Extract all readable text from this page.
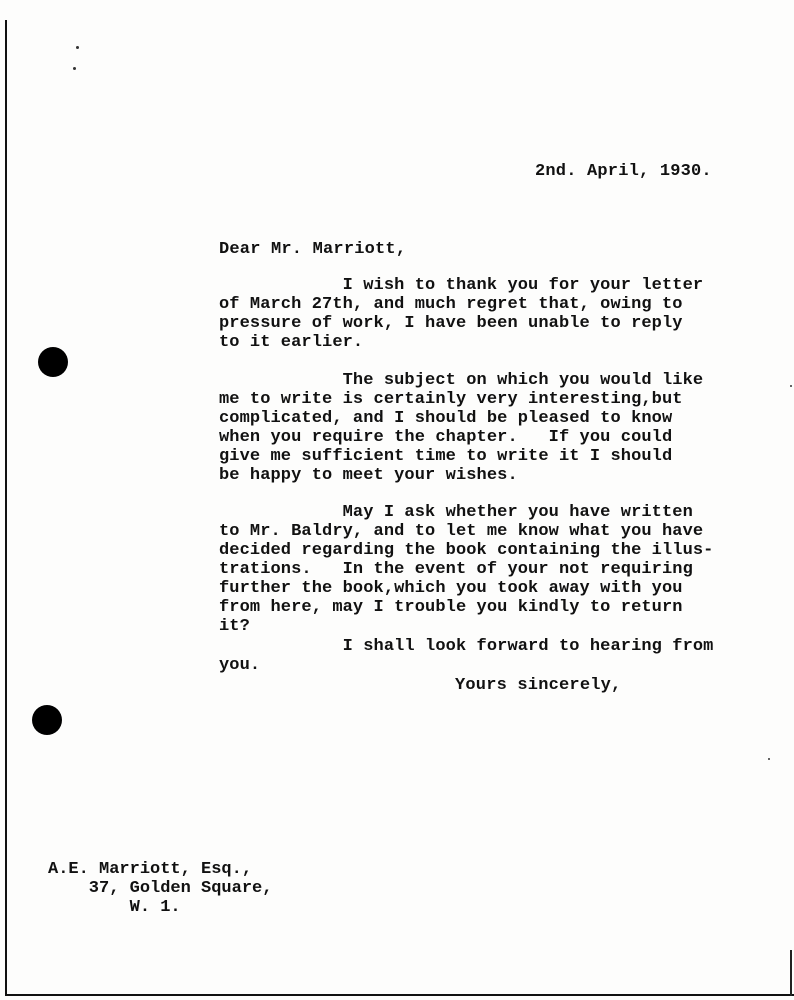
2nd. April, 1930.
Dear Mr. Marriott,
I wish to thank you for your letter
of March 27th, and much regret that, owing to
pressure of work, I have been unable to reply
to it earlier.
The subject on which you would like
me to write is certainly very interesting,but
complicated, and I should be pleased to know
when you require the chapter.   If you could
give me sufficient time to write it I should
be happy to meet your wishes.
May I ask whether you have written
to Mr. Baldry, and to let me know what you have
decided regarding the book containing the illus-
trations.   In the event of your not requiring
further the book,which you took away with you
from here, may I trouble you kindly to return
it?
I shall look forward to hearing from
you.
Yours sincerely,
A.E. Marriott, Esq.,
37, Golden Square,
W. 1.
